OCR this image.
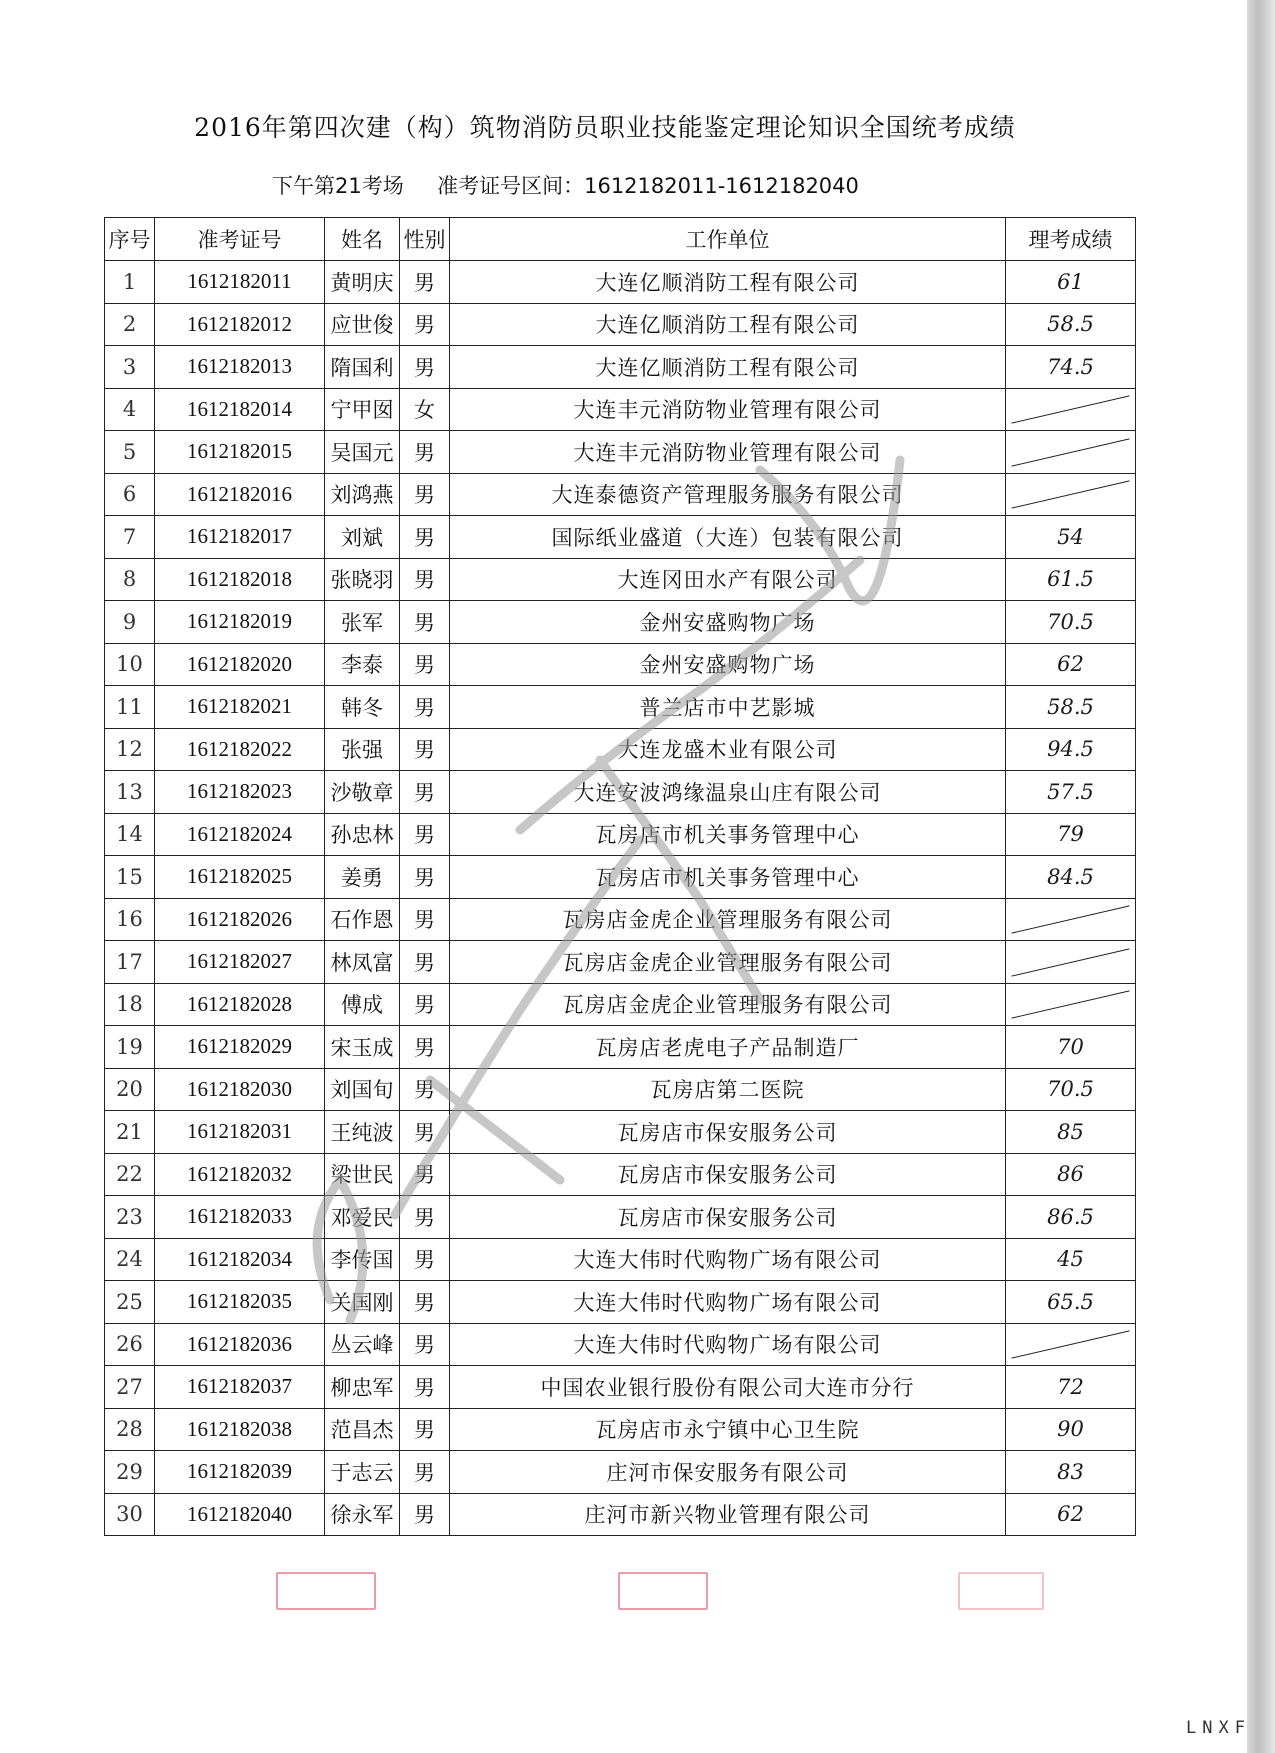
2016年第四次建（构）筑物消防员职业技能鉴定理论知识全国统考成绩
下午第21考场     准考证号区间：1612182011-1612182040
序号	准考证号	姓名	性别	工作单位	理考成绩
1	1612182011	黄明庆	男	大连亿顺消防工程有限公司	61
2	1612182012	应世俊	男	大连亿顺消防工程有限公司	58.5
3	1612182013	隋国利	男	大连亿顺消防工程有限公司	74.5
4	1612182014	宁甲囡	女	大连丰元消防物业管理有限公司	

5	1612182015	吴国元	男	大连丰元消防物业管理有限公司	

6	1612182016	刘鸿燕	男	大连泰德资产管理服务服务有限公司	

7	1612182017	刘斌	男	国际纸业盛道（大连）包装有限公司	54
8	1612182018	张晓羽	男	大连冈田水产有限公司	61.5
9	1612182019	张军	男	金州安盛购物广场	70.5
10	1612182020	李泰	男	金州安盛购物广场	62
11	1612182021	韩冬	男	普兰店市中艺影城	58.5
12	1612182022	张强	男	大连龙盛木业有限公司	94.5
13	1612182023	沙敬章	男	大连安波鸿缘温泉山庄有限公司	57.5
14	1612182024	孙忠林	男	瓦房店市机关事务管理中心	79
15	1612182025	姜勇	男	瓦房店市机关事务管理中心	84.5
16	1612182026	石作恩	男	瓦房店金虎企业管理服务有限公司	

17	1612182027	林凤富	男	瓦房店金虎企业管理服务有限公司	

18	1612182028	傅成	男	瓦房店金虎企业管理服务有限公司	

19	1612182029	宋玉成	男	瓦房店老虎电子产品制造厂	70
20	1612182030	刘国旬	男	瓦房店第二医院	70.5
21	1612182031	王纯波	男	瓦房店市保安服务公司	85
22	1612182032	梁世民	男	瓦房店市保安服务公司	86
23	1612182033	邓爱民	男	瓦房店市保安服务公司	86.5
24	1612182034	李传国	男	大连大伟时代购物广场有限公司	45
25	1612182035	关国刚	男	大连大伟时代购物广场有限公司	65.5
26	1612182036	丛云峰	男	大连大伟时代购物广场有限公司	

27	1612182037	柳忠军	男	中国农业银行股份有限公司大连市分行	72
28	1612182038	范昌杰	男	瓦房店市永宁镇中心卫生院	90
29	1612182039	于志云	男	庄河市保安服务有限公司	83
30	1612182040	徐永军	男	庄河市新兴物业管理有限公司	62
LNXF
